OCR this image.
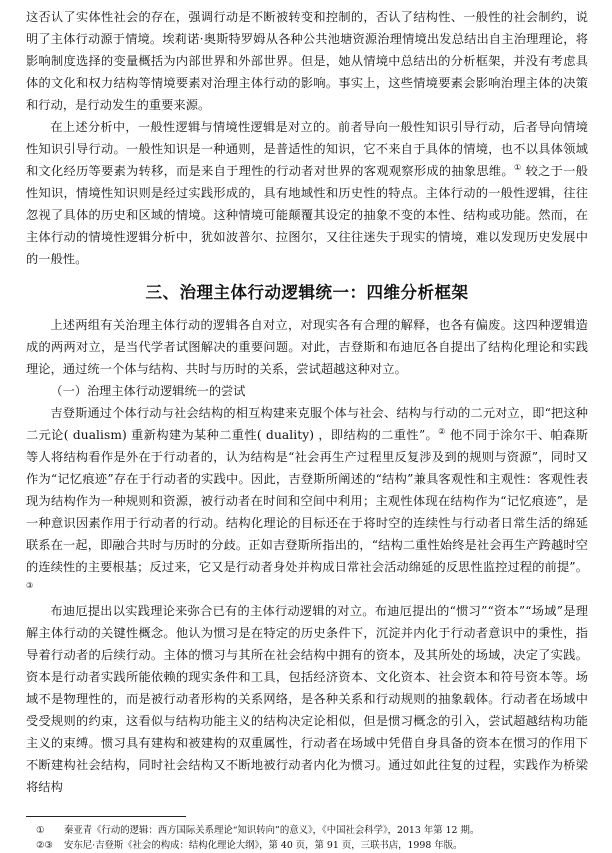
这否认了实体性社会的存在，强调行动是不断被转变和控制的，否认了结构性、一般性的社会制约，说明了主体行动源于情境。埃莉诺·奥斯特罗姆从各种公共池塘资源治理情境出发总结出自主治理理论，将影响制度选择的变量概括为内部世界和外部世界。但是，她从情境中总结出的分析框架，并没有考虑具体的文化和权力结构等情境要素对治理主体行动的影响。事实上，这些情境要素会影响治理主体的决策和行动，是行动发生的重要来源。

在上述分析中，一般性逻辑与情境性逻辑是对立的。前者导向一般性知识引导行动，后者导向情境性知识引导行动。一般性知识是一种通则，是普适性的知识，它不来自于具体的情境，也不以具体领域和文化经历等要素为转移，而是来自于理性的行动者对世界的客观观察形成的抽象思维。① 较之于一般性知识，情境性知识则是经过实践形成的，具有地域性和历史性的特点。主体行动的一般性逻辑，往往忽视了具体的历史和区域的情境。这种情境可能颠覆其设定的抽象不变的本性、结构或功能。然而，在主体行动的情境性逻辑分析中，犹如波普尔、拉图尔，又往往迷失于现实的情境，难以发现历史发展中的一般性。

三、治理主体行动逻辑统一：四维分析框架

上述两组有关治理主体行动的逻辑各自对立，对现实各有合理的解释，也各有偏废。这四种逻辑造成的两两对立，是当代学者试图解决的重要问题。对此，吉登斯和布迪厄各自提出了结构化理论和实践理论，通过统一个体与结构、共时与历时的关系，尝试超越这种对立。

（一）治理主体行动逻辑统一的尝试

吉登斯通过个体行动与社会结构的相互构建来克服个体与社会、结构与行动的二元对立，即“把这种二元论( dualism) 重新构建为某种二重性( duality) ，即结构的二重性”。② 他不同于涂尔干、帕森斯等人将结构看作是外在于行动者的，认为结构是“社会再生产过程里反复涉及到的规则与资源”，同时又作为“记忆痕迹”存在于行动者的实践中。因此，吉登斯所阐述的“结构”兼具客观性和主观性：客观性表现为结构作为一种规则和资源，被行动者在时间和空间中利用；主观性体现在结构作为“记忆痕迹”，是一种意识因素作用于行动者的行动。结构化理论的目标还在于将时空的连续性与行动者日常生活的绵延联系在一起，即融合共时与历时的分歧。正如吉登斯所指出的，“结构二重性始终是社会再生产跨越时空的连续性的主要根基；反过来，它又是行动者身处并构成日常社会活动绵延的反思性监控过程的前提”。③

布迪厄提出以实践理论来弥合已有的主体行动逻辑的对立。布迪厄提出的“惯习”“资本”“场域”是理解主体行动的关键性概念。他认为惯习是在特定的历史条件下，沉淀并内化于行动者意识中的秉性，指导着行动者的后续行动。主体的惯习与其所在社会结构中拥有的资本，及其所处的场域，决定了实践。资本是行动者实践所能依赖的现实条件和工具，包括经济资本、文化资本、社会资本和符号资本等。场域不是物理性的，而是被行动者形构的关系网络，是各种关系和行动规则的抽象载体。行动者在场域中受受规则的约束，这看似与结构功能主义的结构决定论相似，但是惯习概念的引入，尝试超越结构功能主义的束缚。惯习具有建构和被建构的双重属性，行动者在场域中凭借自身具备的资本在惯习的作用下不断建构社会结构，同时社会结构又不断地被行动者内化为惯习。通过如此往复的过程，实践作为桥梁将结构

① 秦亚青《行动的逻辑：西方国际关系理论“知识转向”的意义》，《中国社会科学》，2013 年第 12 期。
②③ 安东尼·吉登斯《社会的构成：结构化理论大纲》，第 40 页，第 91 页，三联书店，1998 年版。
